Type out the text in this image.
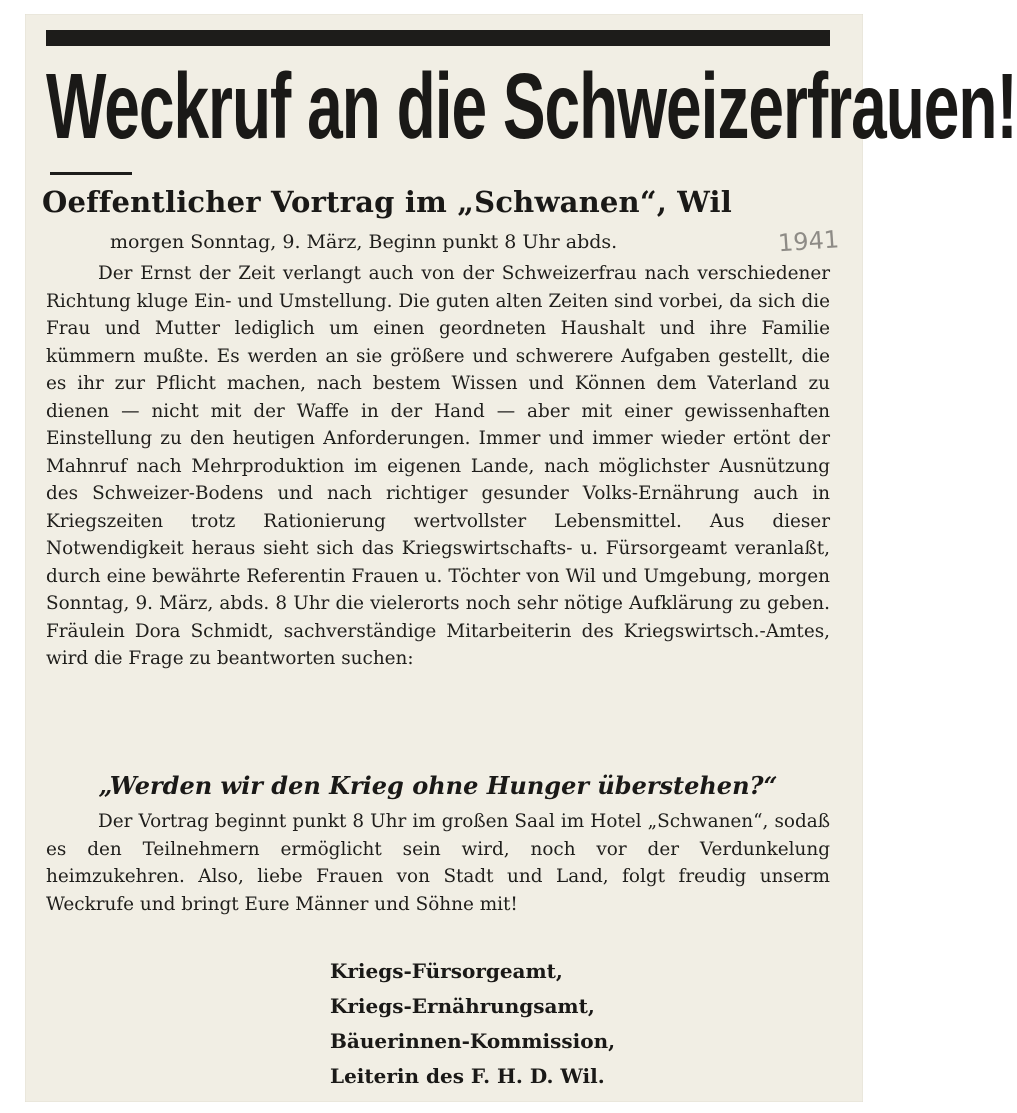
Weckruf an die Schweizerfrauen!
Oeffentlicher Vortrag im „Schwanen“, Wil
morgen Sonntag, 9. März, Beginn punkt 8 Uhr abds.	1941

Der Ernst der Zeit verlangt auch von der Schweizerfrau nach verschiedener Richtung kluge Ein- und Umstellung. Die guten alten Zeiten sind vorbei, da sich die Frau und Mutter lediglich um einen geordneten Haushalt und ihre Familie kümmern mußte. Es werden an sie größere und schwerere Aufgaben gestellt, die es ihr zur Pflicht machen, nach bestem Wissen und Können dem Vaterland zu dienen — nicht mit der Waffe in der Hand — aber mit einer gewissenhaften Einstellung zu den heutigen Anforderungen. Immer und immer wieder ertönt der Mahnruf nach Mehrproduktion im eigenen Lande, nach möglichster Ausnützung des Schweizer-Bodens und nach richtiger gesunder Volks-Ernährung auch in Kriegszeiten trotz Rationierung wertvollster Lebensmittel. Aus dieser Notwendigkeit heraus sieht sich das Kriegswirtschafts- u. Fürsorgeamt veranlaßt, durch eine bewährte Referentin Frauen u. Töchter von Wil und Umgebung, morgen Sonntag, 9. März, abds. 8 Uhr die vielerorts noch sehr nötige Aufklärung zu geben. Fräulein Dora Schmidt, sachverständige Mitarbeiterin des Kriegswirtsch.-Amtes, wird die Frage zu beantworten suchen:

„Werden wir den Krieg ohne Hunger überstehen?“

Der Vortrag beginnt punkt 8 Uhr im großen Saal im Hotel „Schwanen“, sodaß es den Teilnehmern ermöglicht sein wird, noch vor der Verdunkelung heimzukehren. Also, liebe Frauen von Stadt und Land, folgt freudig unserm Weckrufe und bringt Eure Männer und Söhne mit!

Kriegs-Fürsorgeamt,
Kriegs-Ernährungsamt,
Bäuerinnen-Kommission,
Leiterin des F. H. D. Wil.
